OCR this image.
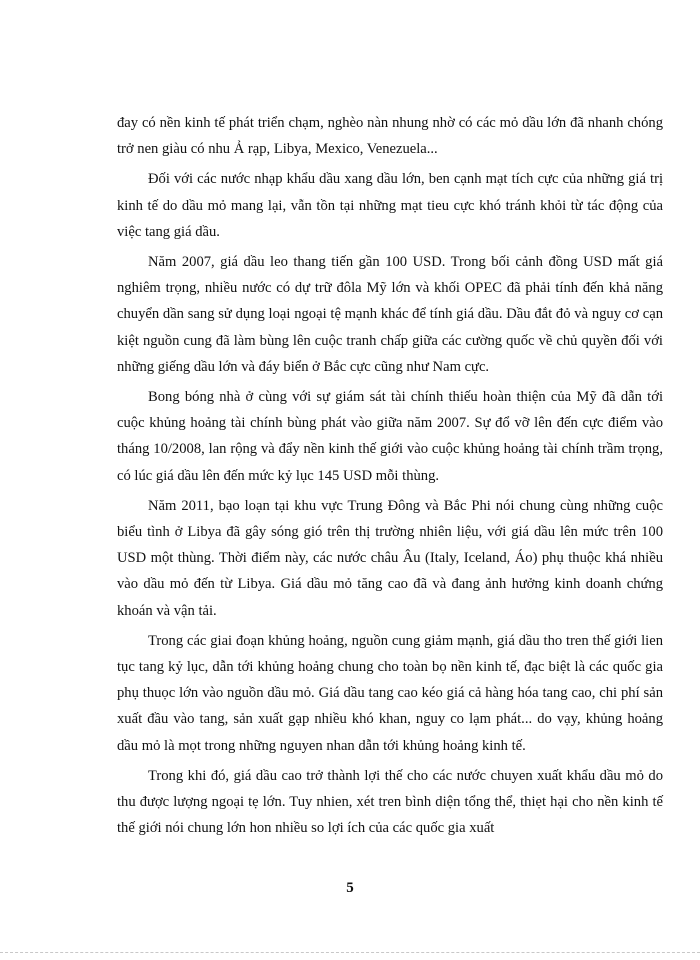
đay có nền kinh tế phát triển chạm, nghèo nàn nhung nhờ có các mỏ dầu lớn đã nhanh chóng trở nen giàu có nhu Ả rạp, Libya, Mexico, Venezuela...

Đối với các nước nhạp khẩu dầu xang dầu lớn, ben cạnh mạt tích cực của những giá trị kinh tế do dầu mỏ mang lại, vẫn tồn tại những mạt tieu cực khó tránh khỏi từ tác động của việc tang giá dầu.

Năm 2007, giá dầu leo thang tiến gần 100 USD. Trong bối cảnh đồng USD mất giá nghiêm trọng, nhiều nước có dự trữ đôla Mỹ lớn và khối OPEC đã phải tính đến khả năng chuyển dần sang sử dụng loại ngoại tệ mạnh khác để tính giá dầu. Dầu đắt đỏ và nguy cơ cạn kiệt nguồn cung đã làm bùng lên cuộc tranh chấp giữa các cường quốc về chủ quyền đối với những giếng dầu lớn và đáy biển ở Bắc cực cũng như Nam cực.

Bong bóng nhà ở cùng với sự giám sát tài chính thiếu hoàn thiện của Mỹ đã dẫn tới cuộc khủng hoảng tài chính bùng phát vào giữa năm 2007. Sự đổ vỡ lên đến cực điểm vào tháng 10/2008, lan rộng và đẩy nền kinh thế giới vào cuộc khủng hoảng tài chính trầm trọng, có lúc giá dầu lên đến mức kỷ lục 145 USD mỗi thùng.

Năm 2011, bạo loạn tại khu vực Trung Đông và Bắc Phi nói chung cùng những cuộc biểu tình ở Libya đã gây sóng gió trên thị trường nhiên liệu, với giá dầu lên mức trên 100 USD một thùng. Thời điểm này, các nước châu Âu (Italy, Iceland, Áo) phụ thuộc khá nhiều vào dầu mỏ đến từ Libya. Giá dầu mỏ tăng cao đã và đang ảnh hưởng kinh doanh chứng khoán và vận tải.

Trong các giai đoạn khủng hoảng, nguồn cung giảm mạnh, giá dầu tho tren thế giới lien tục tang kỷ lục, dẫn tới khủng hoảng chung cho toàn bọ nền kinh tế, đạc biệt là các quốc gia phụ thuọc lớn vào nguồn dầu mỏ. Giá dầu tang cao kéo giá cả hàng hóa tang cao, chi phí sản xuất đầu vào tang, sản xuất gạp nhiều khó khan, nguy co lạm phát... do vạy, khủng hoảng dầu mỏ là mọt trong những nguyen nhan dẫn tới khủng hoảng kinh tế.

Trong khi đó, giá dầu cao trở thành lợi thế cho các nước chuyen xuất khẩu dầu mỏ do thu được lượng ngoại tẹ lớn. Tuy nhien, xét tren bình diện tổng thể, thiẹt hại cho nền kinh tế thế giới nói chung lớn hon nhiều so lợi ích của các quốc gia xuất

5
